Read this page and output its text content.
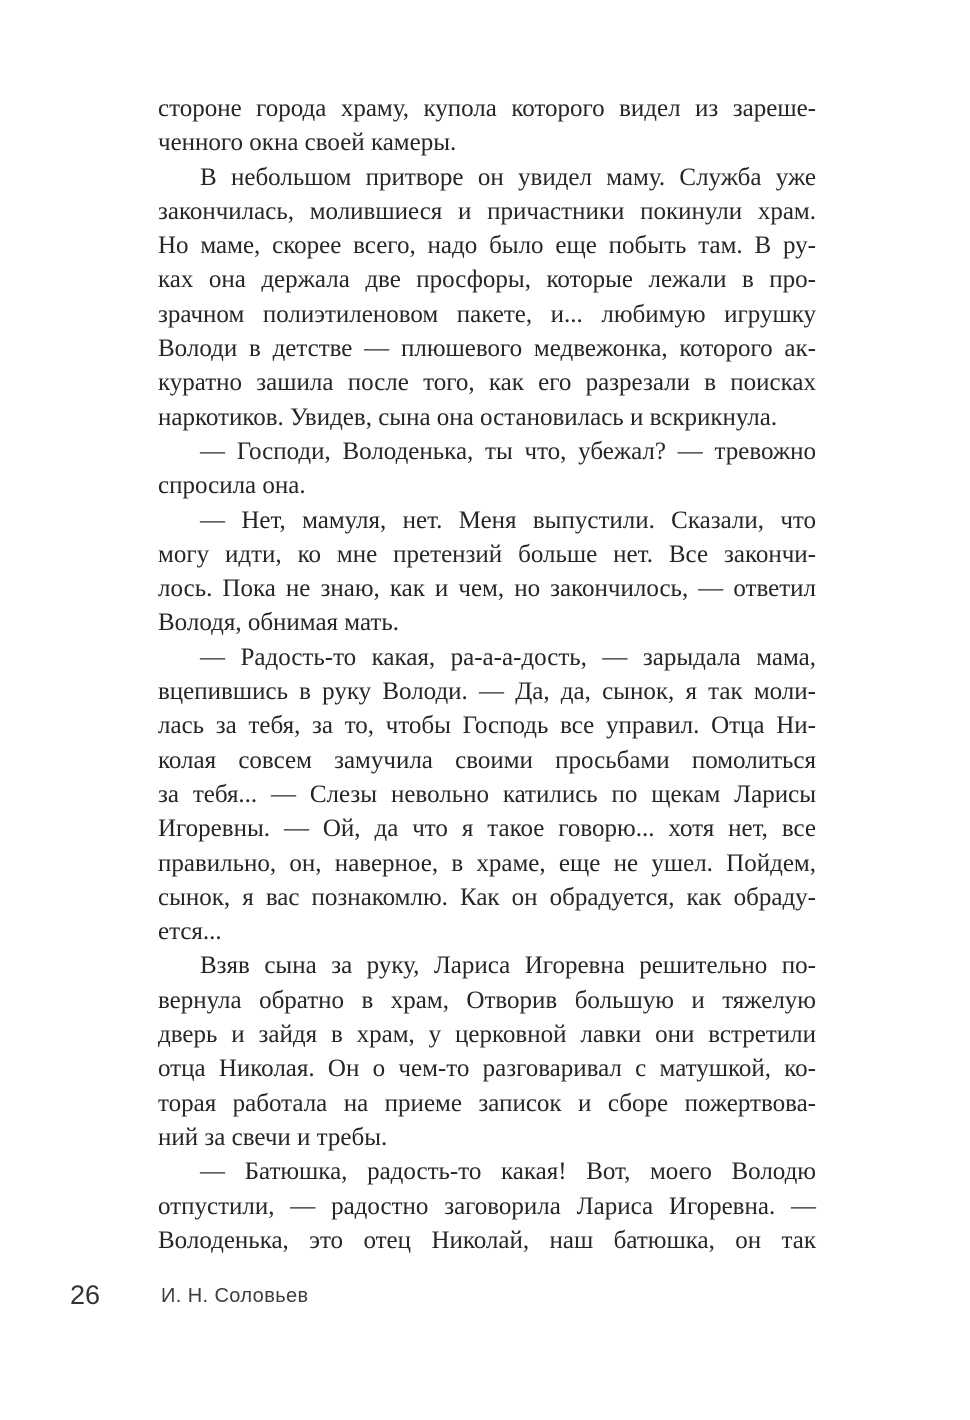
стороне города храму, купола которого видел из зареше-
ченного окна своей камеры.
В небольшом притворе он увидел маму. Служба уже
закончилась, молившиеся и причастники покинули храм.
Но маме, скорее всего, надо было еще побыть там. В ру-
ках она держала две просфоры, которые лежали в про-
зрачном полиэтиленовом пакете, и... любимую игрушку
Володи в детстве — плюшевого медвежонка, которого ак-
куратно зашила после того, как его разрезали в поисках
наркотиков. Увидев, сына она остановилась и вскрикнула.
— Господи, Володенька, ты что, убежал? — тревожно
спросила она.
— Нет, мамуля, нет. Меня выпустили. Сказали, что
могу идти, ко мне претензий больше нет. Все закончи-
лось. Пока не знаю, как и чем, но закончилось, — ответил
Володя, обнимая мать.
— Радость-то какая, ра-а-а-дость, — зарыдала мама,
вцепившись в руку Володи. — Да, да, сынок, я так моли-
лась за тебя, за то, чтобы Господь все управил. Отца Ни-
колая совсем замучила своими просьбами помолиться
за тебя... — Слезы невольно катились по щекам Ларисы
Игоревны. — Ой, да что я такое говорю... хотя нет, все
правильно, он, наверное, в храме, еще не ушел. Пойдем,
сынок, я вас познакомлю. Как он обрадуется, как обраду-
ется...
Взяв сына за руку, Лариса Игоревна решительно по-
вернула обратно в храм, Отворив большую и тяжелую
дверь и зайдя в храм, у церковной лавки они встретили
отца Николая. Он о чем-то разговаривал с матушкой, ко-
торая работала на приеме записок и сборе пожертвова-
ний за свечи и требы.
— Батюшка, радость-то какая! Вот, моего Володю
отпустили, — радостно заговорила Лариса Игоревна. —
Володенька, это отец Николай, наш батюшка, он так
26	И. Н. Соловьев
